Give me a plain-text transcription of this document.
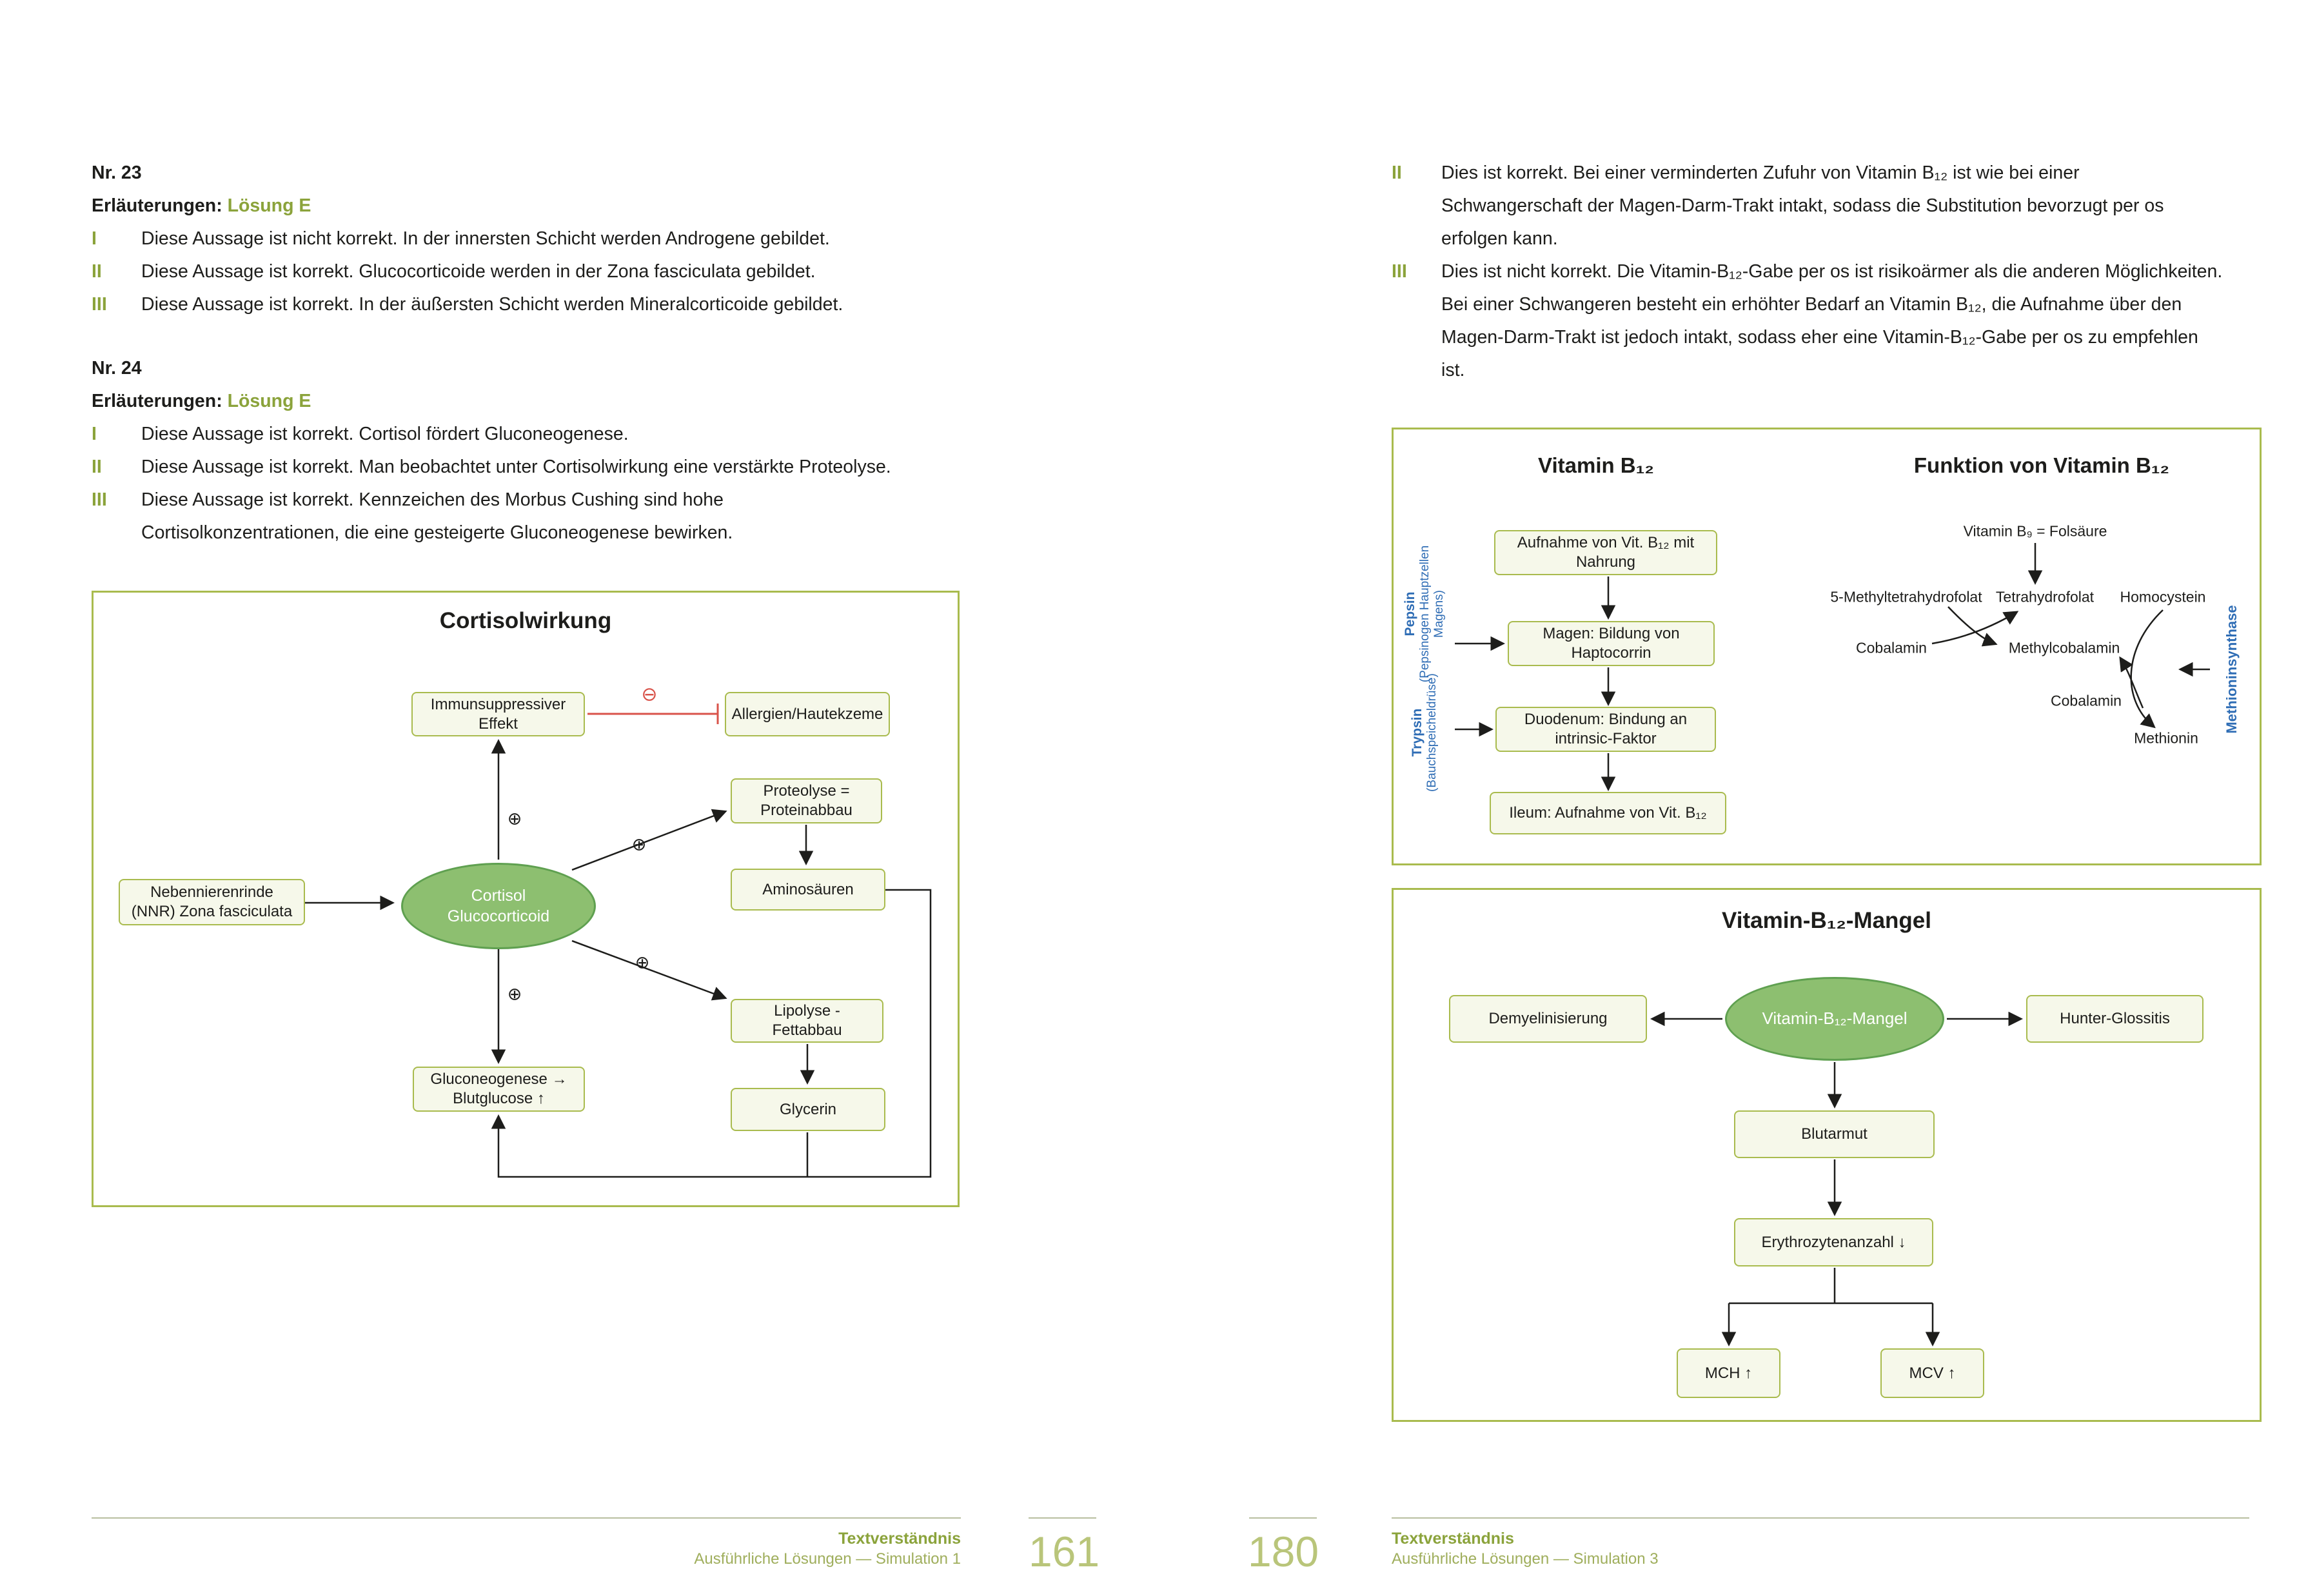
Nr. 23
Erläuterungen: Lösung E
I	Diese Aussage ist nicht korrekt. In der innersten Schicht werden Androgene gebildet.
II	Diese Aussage ist korrekt. Glucocorticoide werden in der Zona fasciculata gebildet.
III	Diese Aussage ist korrekt. In der äußersten Schicht werden Mineralcorticoide gebildet.
Nr. 24
Erläuterungen: Lösung E
I	Diese Aussage ist korrekt. Cortisol fördert Gluconeogenese.
II	Diese Aussage ist korrekt. Man beobachtet unter Cortisolwirkung eine verstärkte Proteolyse.
III	Diese Aussage ist korrekt. Kennzeichen des Morbus Cushing sind hohe Cortisolkonzentrationen, die eine gesteigerte Gluconeogenese bewirken.
Cortisolwirkung
Immunsuppressiver Effekt
Allergien/Hautekzeme
Proteolyse = Proteinabbau
Aminosäuren
Nebennierenrinde (NNR) Zona fasciculata
Cortisol Glucocorticoid
Lipolyse - Fettabbau
Gluconeogenese → Blutglucose ↑
Glycerin
⊕
⊕
⊕
⊕
⊖
Textverständnis
Ausführliche Lösungen — Simulation 1 161
II	Dies ist korrekt. Bei einer verminderten Zufuhr von Vitamin B₁₂ ist wie bei einer Schwangerschaft der Magen-Darm-Trakt intakt, sodass die Substitution bevorzugt per os erfolgen kann.
III	Dies ist nicht korrekt. Die Vitamin-B₁₂-Gabe per os ist risikoärmer als die anderen Möglichkeiten. Bei einer Schwangeren besteht ein erhöhter Bedarf an Vitamin B₁₂, die Aufnahme über den Magen-Darm-Trakt ist jedoch intakt, sodass eher eine Vitamin-B₁₂-Gabe per os zu empfehlen ist.
Vitamin B₁₂
Aufnahme von Vit. B₁₂ mit Nahrung
Magen: Bildung von Haptocorrin
Duodenum: Bindung an intrinsic-Faktor
Ileum: Aufnahme von Vit. B₁₂
Pepsin (Pepsinogen Hauptzellen Magens)
Trypsin (Bauchspeicheldrüse)
Funktion von Vitamin B₁₂
Vitamin B₉ = Folsäure
5-Methyltetrahydrofolat Tetrahydrofolat Homocystein
Cobalamin	Methylcobalamin
Cobalamin
Methionin
Methioninsynthase
Vitamin-B₁₂-Mangel
Vitamin-B₁₂-Mangel
Demyelinisierung	Hunter-Glossitis
Blutarmut
Erythrozytenanzahl ↓
MCH ↑	MCV ↑
180	Textverständnis
Ausführliche Lösungen — Simulation 3
